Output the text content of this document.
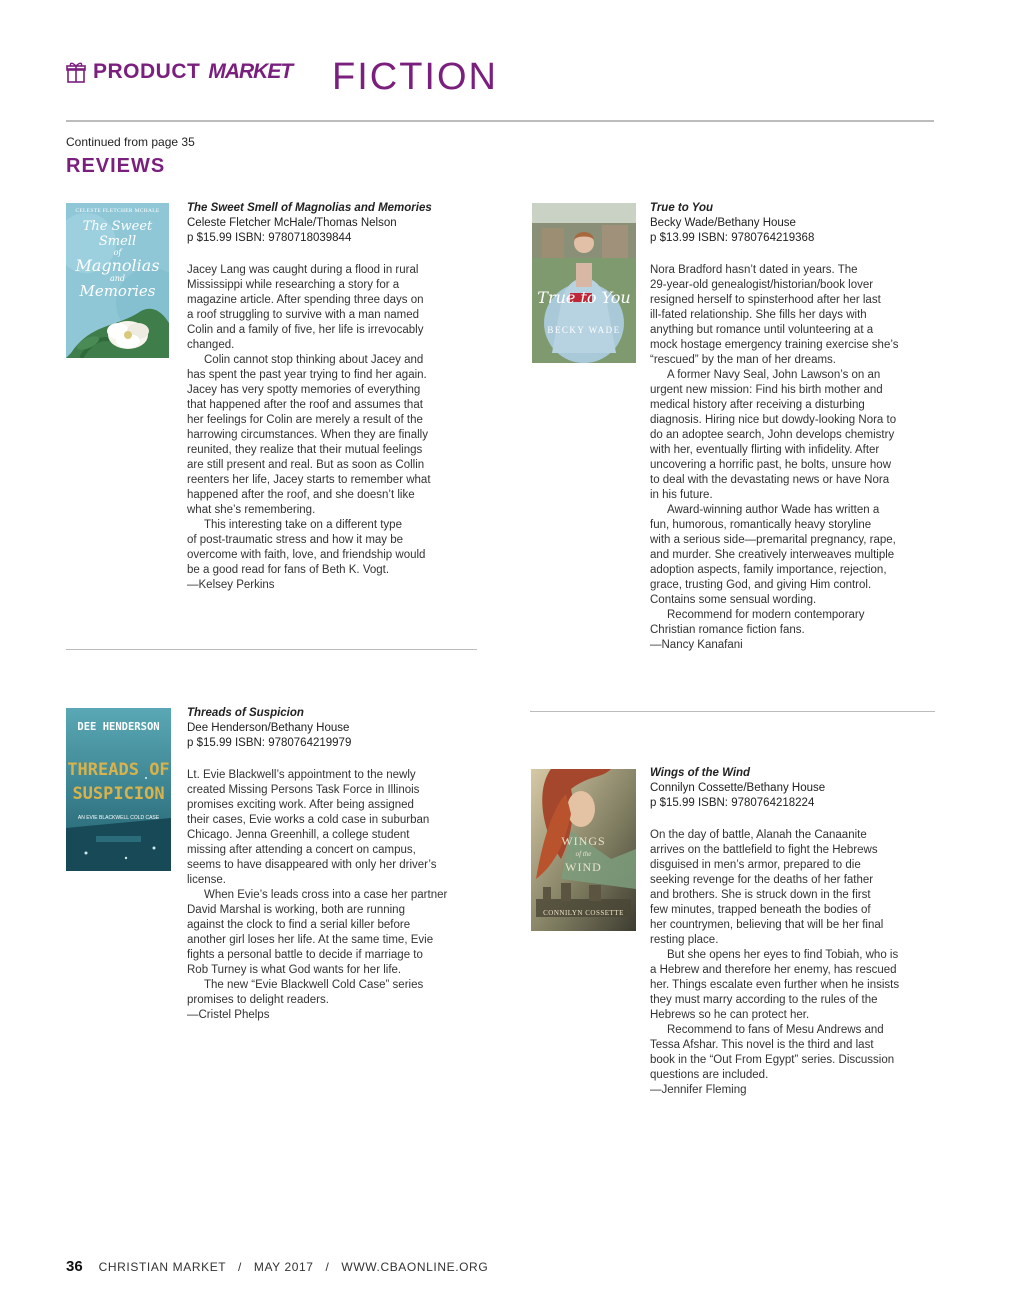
PRODUCT MARKET FICTION
Continued from page 35
REVIEWS
CELESTE FLETCHER MCHALE
The Sweet Smell
of
Magnolias
and
Memories
The Sweet Smell of Magnolias and Memories
Celeste Fletcher McHale/Thomas Nelson
p $15.99 ISBN: 9780718039844

Jacey Lang was caught during a flood in rural

Mississippi while researching a story for a

magazine article. After spending three days on

a roof struggling to survive with a man named

Colin and a family of five, her life is irrevocably

changed.

Colin cannot stop thinking about Jacey and

has spent the past year trying to find her again.

Jacey has very spotty memories of everything

that happened after the roof and assumes that

her feelings for Colin are merely a result of the

harrowing circumstances. When they are finally

reunited, they realize that their mutual feelings

are still present and real. But as soon as Collin

reenters her life, Jacey starts to remember what

happened after the roof, and she doesn’t like

what she’s remembering.

This interesting take on a different type

of post-traumatic stress and how it may be

overcome with faith, love, and friendship would

be a good read for fans of Beth K. Vogt.

—Kelsey Perkins

True to You
BECKY WADE
True to You
Becky Wade/Bethany House
p $13.99 ISBN: 9780764219368

Nora Bradford hasn’t dated in years. The

29-year-old genealogist/historian/book lover

resigned herself to spinsterhood after her last

ill-fated relationship. She fills her days with

anything but romance until volunteering at a

mock hostage emergency training exercise she’s

“rescued” by the man of her dreams.

A former Navy Seal, John Lawson’s on an

urgent new mission: Find his birth mother and

medical history after receiving a disturbing

diagnosis. Hiring nice but dowdy-looking Nora to

do an adoptee search, John develops chemistry

with her, eventually flirting with infidelity. After

uncovering a horrific past, he bolts, unsure how

to deal with the devastating news or have Nora

in his future.

Award-winning author Wade has written a

fun, humorous, romantically heavy storyline

with a serious side—premarital pregnancy, rape,

and murder. She creatively interweaves multiple

adoption aspects, family importance, rejection,

grace, trusting God, and giving Him control.

Contains some sensual wording.

Recommend for modern contemporary

Christian romance fiction fans.

—Nancy Kanafani

DEE HENDERSON
THREADS OF
SUSPICION
AN EVIE BLACKWELL COLD CASE
Threads of Suspicion
Dee Henderson/Bethany House
p $15.99 ISBN: 9780764219979

Lt. Evie Blackwell’s appointment to the newly

created Missing Persons Task Force in Illinois

promises exciting work. After being assigned

their cases, Evie works a cold case in suburban

Chicago. Jenna Greenhill, a college student

missing after attending a concert on campus,

seems to have disappeared with only her driver’s

license.

When Evie’s leads cross into a case her partner

David Marshal is working, both are running

against the clock to find a serial killer before

another girl loses her life. At the same time, Evie

fights a personal battle to decide if marriage to

Rob Turney is what God wants for her life.

The new “Evie Blackwell Cold Case” series

promises to delight readers.

—Cristel Phelps

WINGS
of the
WIND
CONNILYN COSSETTE
Wings of the Wind
Connilyn Cossette/Bethany House
p $15.99 ISBN: 9780764218224

On the day of battle, Alanah the Canaanite

arrives on the battlefield to fight the Hebrews

disguised in men’s armor, prepared to die

seeking revenge for the deaths of her father

and brothers. She is struck down in the first

few minutes, trapped beneath the bodies of

her countrymen, believing that will be her final

resting place.

But she opens her eyes to find Tobiah, who is

a Hebrew and therefore her enemy, has rescued

her. Things escalate even further when he insists

they must marry according to the rules of the

Hebrews so he can protect her.

Recommend to fans of Mesu Andrews and

Tessa Afshar. This novel is the third and last

book in the “Out From Egypt” series. Discussion

questions are included.

—Jennifer Fleming

36 CHRISTIAN MARKET / MAY 2017 / WWW.CBAONLINE.ORG
